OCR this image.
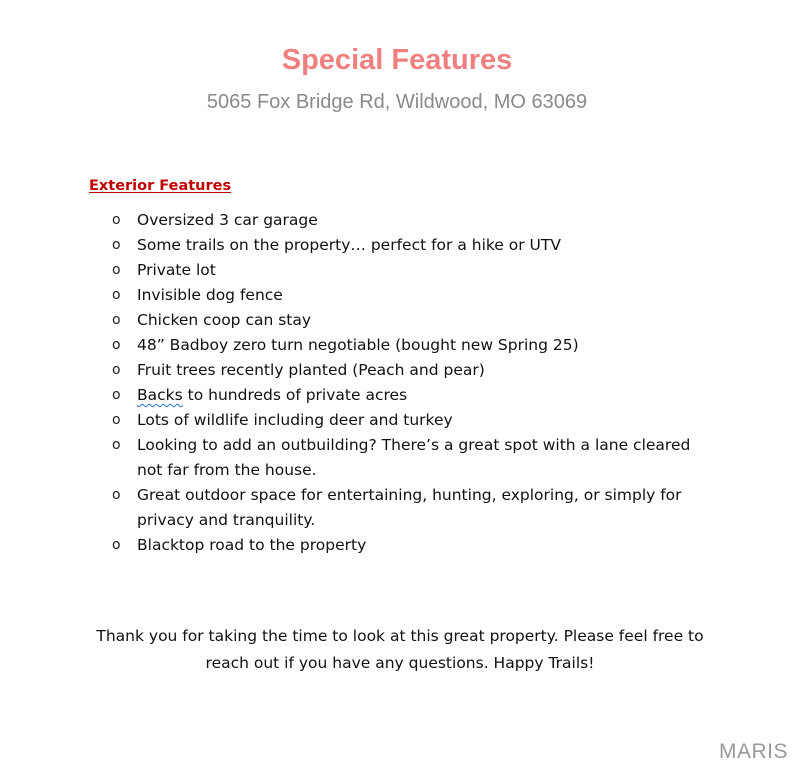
Special Features

5065 Fox Bridge Rd, Wildwood, MO 63069

Exterior Features
o Oversized 3 car garage
o Some trails on the property… perfect for a hike or UTV
o Private lot
o Invisible dog fence
o Chicken coop can stay
o 48” Badboy zero turn negotiable (bought new Spring 25)
o Fruit trees recently planted (Peach and pear)
o Backs to hundreds of private acres
o Lots of wildlife including deer and turkey
o Looking to add an outbuilding? There’s a great spot with a lane cleared not far from the house.
o Great outdoor space for entertaining, hunting, exploring, or simply for privacy and tranquility.
o Blacktop road to the property

Thank you for taking the time to look at this great property. Please feel free to reach out if you have any questions. Happy Trails!

MARIS
